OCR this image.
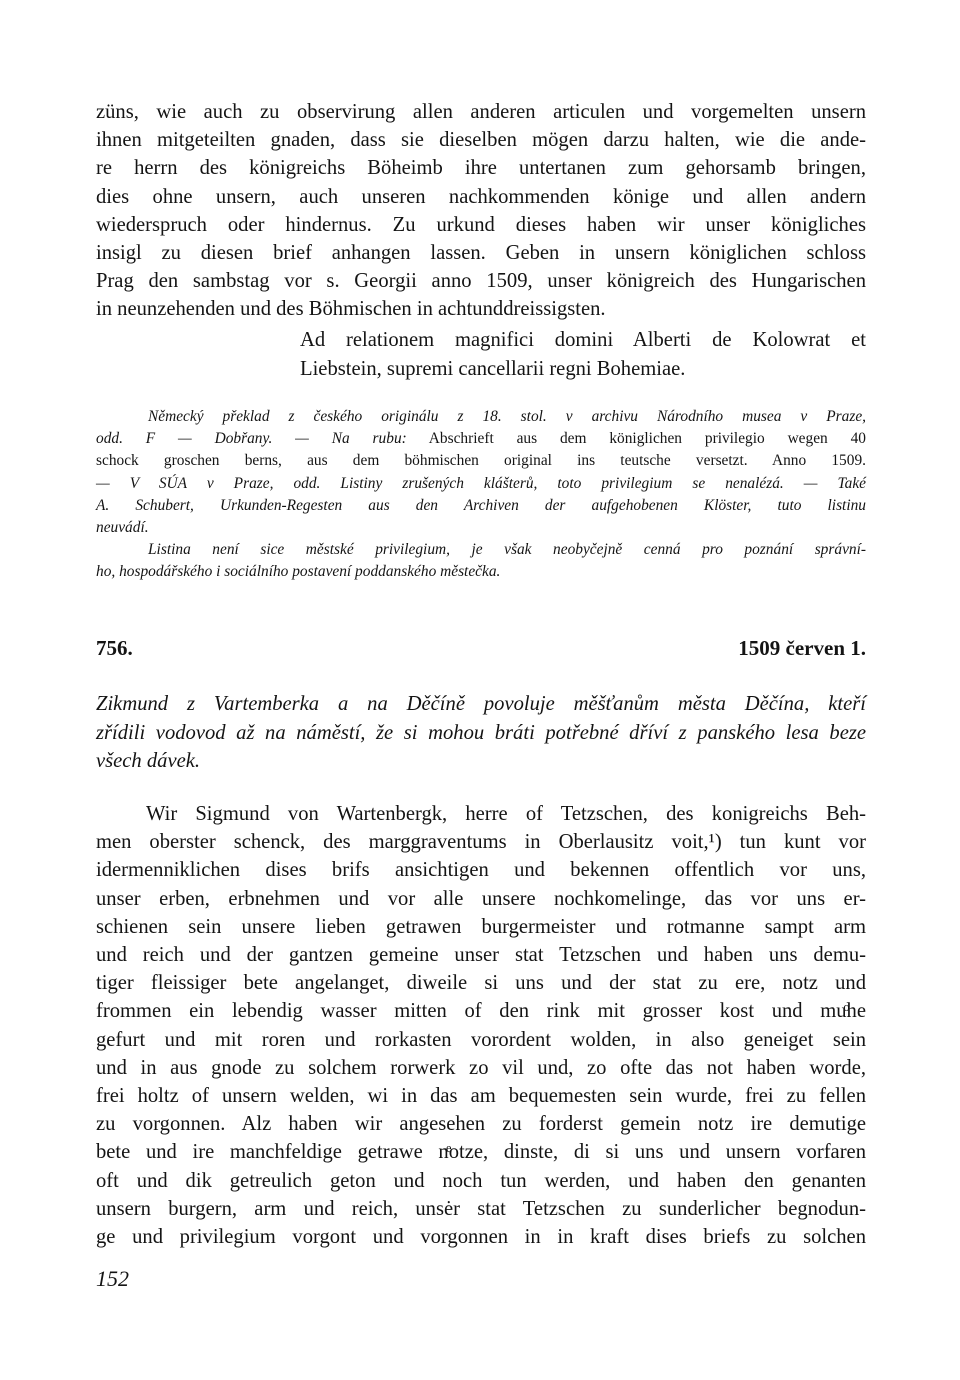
züns, wie auch zu observirung allen anderen articulen und vorgemelten unsern
ihnen mitgeteilten gnaden, dass sie dieselben mögen darzu halten, wie die ande-
re herrn des königreichs Böheimb ihre untertanen zum gehorsamb bringen,
dies ohne unsern, auch unseren nachkommenden könige und allen andern
wiederspruch oder hindernus. Zu urkund dieses haben wir unser königliches
insigl zu diesen brief anhangen lassen. Geben in unsern königlichen schloss
Prag den sambstag vor s. Georgii anno 1509, unser königreich des Hungarischen
in neunzehenden und des Böhmischen in achtunddreissigsten.
Ad relationem magnifici domini Alberti de Kolowrat et
Liebstein, supremi cancellarii regni Bohemiae.
Německý překlad z českého originálu z 18. stol. v archivu Národního musea v Praze,
odd. F — Dobřany. — Na rubu: Abschrieft aus dem königlichen privilegio wegen 40
schock groschen berns, aus dem böhmischen original ins teutsche versetzt. Anno 1509.
— V SÚA v Praze, odd. Listiny zrušených klášterů, toto privilegium se nenalézá. — Také
A. Schubert, Urkunden-Regesten aus den Archiven der aufgehobenen Klöster, tuto listinu
neuvádí.
Listina není sice městské privilegium, je však neobyčejně cenná pro poznání správní-
ho, hospodářského i sociálního postavení poddanského městečka.
756.	1509 červen 1.
Zikmund z Vartemberka a na Děčíně povoluje měšťanům města Děčína, kteří
zřídili vodovod až na náměstí, že si mohou bráti potřebné dříví z panského lesa beze
všech dávek.
Wir Sigmund von Wartenbergk, herre of Tetzschen, des konigreichs Beh-
men oberster schenck, des marggraventums in Oberlausitz voit,¹) tun kunt vor
idermenniklichen dises brifs ansichtigen und bekennen offentlich vor uns,
unser erben, erbnehmen und vor alle unsere nochkomelinge, das vor uns er-
schienen sein unsere lieben getrawen burgermeister und rotmanne sampt arm
und reich und der gantzen gemeine unser stat Tetzschen und haben uns demu-
tiger fleissiger bete angelanget, diweile si uns und der stat zu ere, notz und
frommen ein lebendig wasser mitten of den rink mit grosser kost und muͦhe
gefurt und mit roren und rorkasten vorordent wolden, in also geneiget sein
und in aus gnode zu solchem rorwerk zo vil und, zo ofte das not haben worde,
frei holtz of unsern welden, wi in das am bequemesten sein wurde, frei zu fellen
zu vorgonnen. Alz haben wir angesehen zu forderst gemein notz ire demutige
bete und ire manchfeldige getrawe nͤotze, dinste, di si uns und unsern vorfaren
oft und dik getreulich geton und noch tun werden, und haben den genanten
unsern burgern, arm und reich, unsėr stat Tetzschen zu sunderlicher begnodun-
ge und privilegium vorgont und vorgonnen in in kraft dises briefs zu solchen
152
